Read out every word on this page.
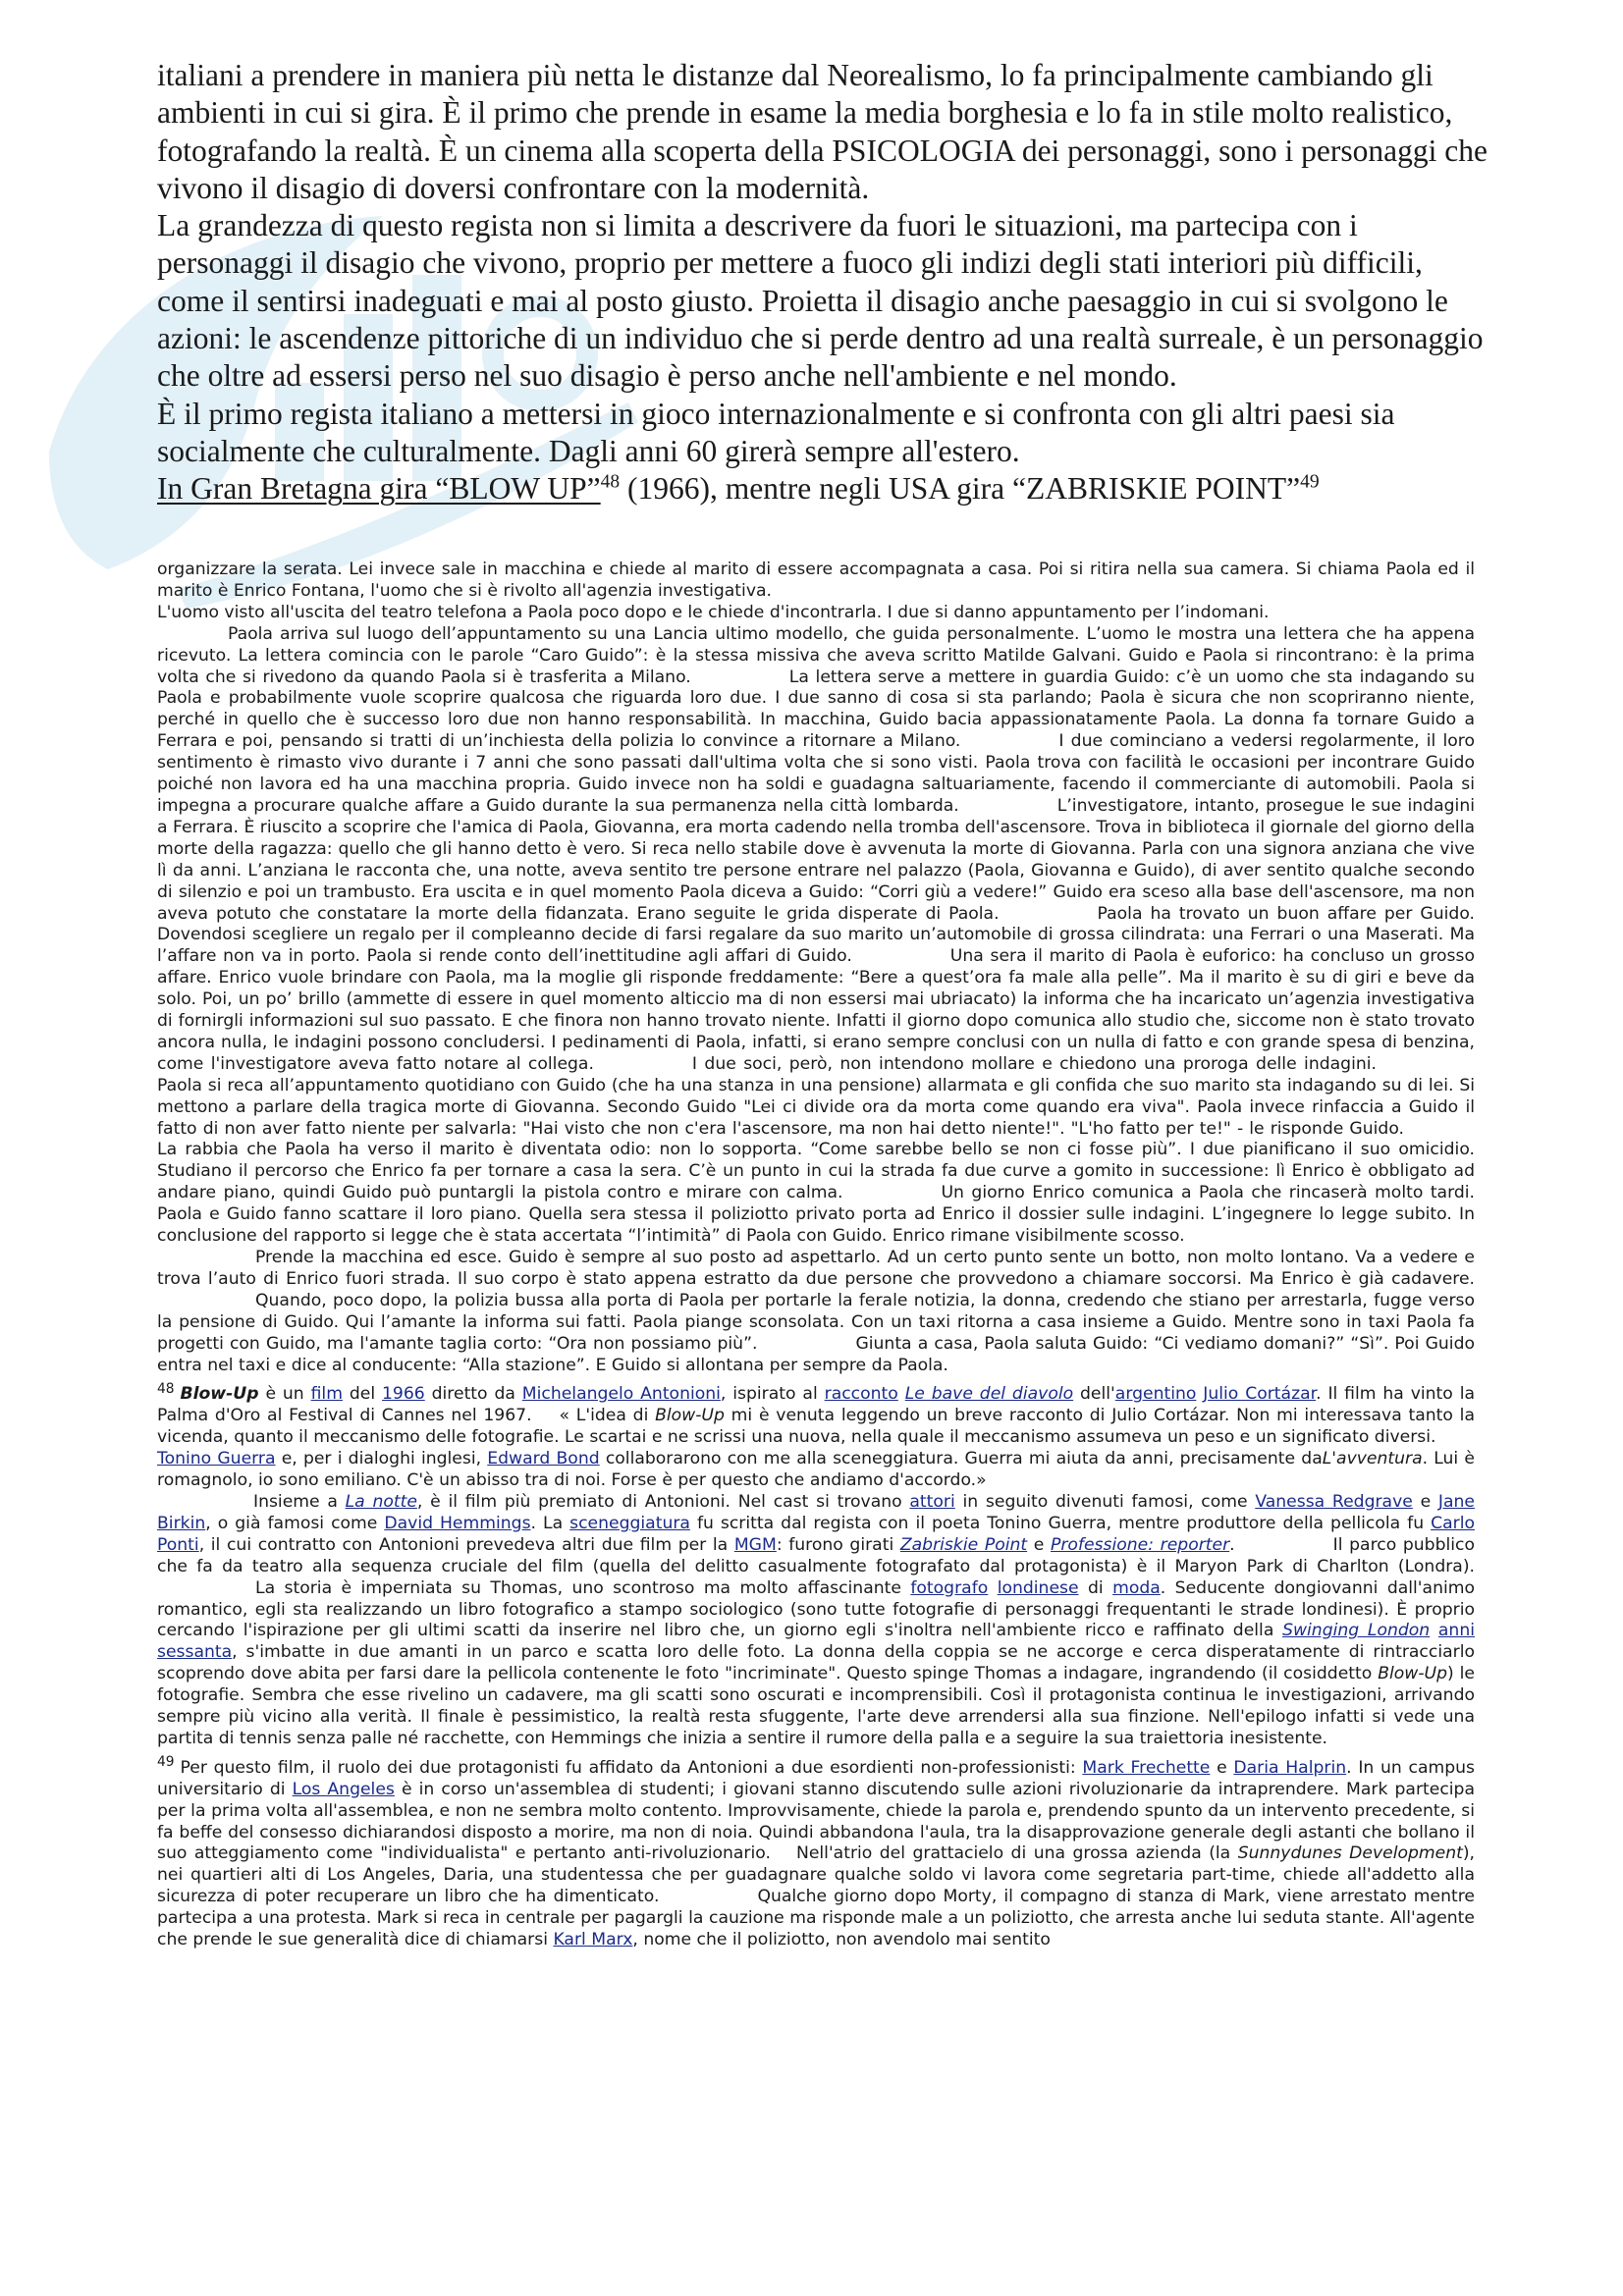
italiani a prendere in maniera più netta le distanze dal Neorealismo, lo fa principalmente cambiando gli ambienti in cui si gira. È il primo che prende in esame la media borghesia e lo fa in stile molto realistico, fotografando la realtà. È un cinema alla scoperta della PSICOLOGIA dei personaggi, sono i personaggi che vivono il disagio di doversi confrontare con la modernità.

La grandezza di questo regista non si limita a descrivere da fuori le situazioni, ma partecipa con i personaggi il disagio che vivono, proprio per mettere a fuoco gli indizi degli stati interiori più difficili, come il sentirsi inadeguati e mai al posto giusto. Proietta il disagio anche paesaggio in cui si svolgono le azioni: le ascendenze pittoriche di un individuo che si perde dentro ad una realtà surreale, è un personaggio che oltre ad essersi perso nel suo disagio è perso anche nell'ambiente e nel mondo.

È il primo regista italiano a mettersi in gioco internazionalmente e si confronta con gli altri paesi sia socialmente che culturalmente. Dagli anni 60 girerà sempre all'estero.

In Gran Bretagna gira “BLOW UP”$^{48}$ (1966), mentre negli USA gira “ZABRISKIE POINT”$^{49}$

organizzare la serata. Lei invece sale in macchina e chiede al marito di essere accompagnata a casa. Poi si ritira nella sua camera. Si chiama Paola ed il marito è Enrico Fontana, l'uomo che si è rivolto all'agenzia investigativa.

L'uomo visto all'uscita del teatro telefona a Paola poco dopo e le chiede d'incontrarla. I due si danno appuntamento per l’indomani.

Paola arriva sul luogo dell’appuntamento su una Lancia ultimo modello, che guida personalmente. L’uomo le mostra una lettera che ha appena ricevuto. La lettera comincia con le parole “Caro Guido”: è la stessa missiva che aveva scritto Matilde Galvani. Guido e Paola si rincontrano: è la prima volta che si rivedono da quando Paola si è trasferita a Milano.	La lettera serve a mettere in guardia Guido: c’è un uomo che sta indagando su Paola e probabilmente vuole scoprire qualcosa che riguarda loro due. I due sanno di cosa si sta parlando; Paola è sicura che non scopriranno niente, perché in quello che è successo loro due non hanno responsabilità. In macchina, Guido bacia appassionatamente Paola. La donna fa tornare Guido a Ferrara e poi, pensando si tratti di un’inchiesta della polizia lo convince a ritornare a Milano.	I due cominciano a vedersi regolarmente, il loro sentimento è rimasto vivo durante i 7 anni che sono passati dall'ultima volta che si sono visti. Paola trova con facilità le occasioni per incontrare Guido poiché non lavora ed ha una macchina propria. Guido invece non ha soldi e guadagna saltuariamente, facendo il commerciante di automobili. Paola si impegna a procurare qualche affare a Guido durante la sua permanenza nella città lombarda.	L’investigatore, intanto, prosegue le sue indagini a Ferrara. È riuscito a scoprire che l'amica di Paola, Giovanna, era morta cadendo nella tromba dell'ascensore. Trova in biblioteca il giornale del giorno della morte della ragazza: quello che gli hanno detto è vero. Si reca nello stabile dove è avvenuta la morte di Giovanna. Parla con una signora anziana che vive lì da anni. L’anziana le racconta che, una notte, aveva sentito tre persone entrare nel palazzo (Paola, Giovanna e Guido), di aver sentito qualche secondo di silenzio e poi un trambusto. Era uscita e in quel momento Paola diceva a Guido: “Corri giù a vedere!” Guido era sceso alla base dell'ascensore, ma non aveva potuto che constatare la morte della fidanzata. Erano seguite le grida disperate di Paola.	Paola ha trovato un buon affare per Guido. Dovendosi scegliere un regalo per il compleanno decide di farsi regalare da suo marito un’automobile di grossa cilindrata: una Ferrari o una Maserati. Ma l’affare non va in porto. Paola si rende conto dell’inettitudine agli affari di Guido.	Una sera il marito di Paola è euforico: ha concluso un grosso affare. Enrico vuole brindare con Paola, ma la moglie gli risponde freddamente: “Bere a quest’ora fa male alla pelle”. Ma il marito è su di giri e beve da solo. Poi, un po’ brillo (ammette di essere in quel momento alticcio ma di non essersi mai ubriacato) la informa che ha incaricato un’agenzia investigativa di fornirgli informazioni sul suo passato. E che finora non hanno trovato niente. Infatti il giorno dopo comunica allo studio che, siccome non è stato trovato ancora nulla, le indagini possono concludersi. I pedinamenti di Paola, infatti, si erano sempre conclusi con un nulla di fatto e con grande spesa di benzina, come l'investigatore aveva fatto notare al collega.	I due soci, però, non intendono mollare e chiedono una proroga delle indagini.Paola si reca all’appuntamento quotidiano con Guido (che ha una stanza in una pensione) allarmata e gli confida che suo marito sta indagando su di lei. Si mettono a parlare della tragica morte di Giovanna. Secondo Guido "Lei ci divide ora da morta come quando era viva". Paola invece rinfaccia a Guido il fatto di non aver fatto niente per salvarla: "Hai visto che non c'era l'ascensore, ma non hai detto niente!". "L'ho fatto per te!" - le risponde Guido.La rabbia che Paola ha verso il marito è diventata odio: non lo sopporta. “Come sarebbe bello se non ci fosse più”. I due pianificano il suo omicidio. Studiano il percorso che Enrico fa per tornare a casa la sera. C’è un punto in cui la strada fa due curve a gomito in successione: lì Enrico è obbligato ad andare piano, quindi Guido può puntargli la pistola contro e mirare con calma.	Un giorno Enrico comunica a Paola che rincaserà molto tardi. Paola e Guido fanno scattare il loro piano. Quella sera stessa il poliziotto privato porta ad Enrico il dossier sulle indagini. L’ingegnere lo legge subito. In conclusione del rapporto si legge che è stata accertata “l’intimità” di Paola con Guido. Enrico rimane visibilmente scosso.

Prende la macchina ed esce. Guido è sempre al suo posto ad aspettarlo. Ad un certo punto sente un botto, non molto lontano. Va a vedere e trova l’auto di Enrico fuori strada. Il suo corpo è stato appena estratto da due persone che provvedono a chiamare soccorsi. Ma Enrico è già cadavere.Quando, poco dopo, la polizia bussa alla porta di Paola per portarle la ferale notizia, la donna, credendo che stiano per arrestarla, fugge verso la pensione di Guido. Qui l’amante la informa sui fatti. Paola piange sconsolata. Con un taxi ritorna a casa insieme a Guido. Mentre sono in taxi Paola fa progetti con Guido, ma l'amante taglia corto: “Ora non possiamo più”.	Giunta a casa, Paola saluta Guido: “Ci vediamo domani?” “Sì”. Poi Guido entra nel taxi e dice al conducente: “Alla stazione”. E Guido si allontana per sempre da Paola.

$^{48}$ Blow-Up è un film del 1966 diretto da Michelangelo Antonioni, ispirato al racconto Le bave del diavolo dell'argentino Julio Cortázar. Il film ha vinto la Palma d'Oro al Festival di Cannes nel 1967. « L'idea di Blow-Up mi è venuta leggendo un breve racconto di Julio Cortázar. Non mi interessava tanto la vicenda, quanto il meccanismo delle fotografie. Le scartai e ne scrissi una nuova, nella quale il meccanismo assumeva un peso e un significato diversi.

Tonino Guerra e, per i dialoghi inglesi, Edward Bond collaborarono con me alla sceneggiatura. Guerra mi aiuta da anni, precisamente daL'avventura. Lui è romagnolo, io sono emiliano. C'è un abisso tra di noi. Forse è per questo che andiamo d'accordo.»

Insieme a La notte, è il film più premiato di Antonioni. Nel cast si trovano attori in seguito divenuti famosi, come Vanessa Redgrave e Jane Birkin, o già famosi come David Hemmings. La sceneggiatura fu scritta dal regista con il poeta Tonino Guerra, mentre produttore della pellicola fu Carlo Ponti, il cui contratto con Antonioni prevedeva altri due film per la MGM: furono girati Zabriskie Point e Professione: reporter.	Il parco pubblico che fa da teatro alla sequenza cruciale del film (quella del delitto casualmente fotografato dal protagonista) è il Maryon Park di Charlton (Londra).La storia è imperniata su Thomas, uno scontroso ma molto affascinante fotografo londinese di moda. Seducente dongiovanni dall'animo romantico, egli sta realizzando un libro fotografico a stampo sociologico (sono tutte fotografie di personaggi frequentanti le strade londinesi). È proprio cercando l'ispirazione per gli ultimi scatti da inserire nel libro che, un giorno egli s'inoltra nell'ambiente ricco e raffinato della Swinging London anni sessanta, s'imbatte in due amanti in un parco e scatta loro delle foto. La donna della coppia se ne accorge e cerca disperatamente di rintracciarlo scoprendo dove abita per farsi dare la pellicola contenente le foto "incriminate". Questo spinge Thomas a indagare, ingrandendo (il cosiddetto Blow-Up) le fotografie. Sembra che esse rivelino un cadavere, ma gli scatti sono oscurati e incomprensibili. Così il protagonista continua le investigazioni, arrivando sempre più vicino alla verità. Il finale è pessimistico, la realtà resta sfuggente, l'arte deve arrendersi alla sua finzione. Nell'epilogo infatti si vede una partita di tennis senza palle né racchette, con Hemmings che inizia a sentire il rumore della palla e a seguire la sua traiettoria inesistente.

$^{49}$ Per questo film, il ruolo dei due protagonisti fu affidato da Antonioni a due esordienti non-professionisti: Mark Frechette e Daria Halprin. In un campus universitario di Los Angeles è in corso un'assemblea di studenti; i giovani stanno discutendo sulle azioni rivoluzionarie da intraprendere. Mark partecipa per la prima volta all'assemblea, e non ne sembra molto contento. Improvvisamente, chiede la parola e, prendendo spunto da un intervento precedente, si fa beffe del consesso dichiarandosi disposto a morire, ma non di noia. Quindi abbandona l'aula, tra la disapprovazione generale degli astanti che bollano il suo atteggiamento come "individualista" e pertanto anti-rivoluzionario. Nell'atrio del grattacielo di una grossa azienda (la Sunnydunes Development), nei quartieri alti di Los Angeles, Daria, una studentessa che per guadagnare qualche soldo vi lavora come segretaria part-time, chiede all'addetto alla sicurezza di poter recuperare un libro che ha dimenticato.	Qualche giorno dopo Morty, il compagno di stanza di Mark, viene arrestato mentre partecipa a una protesta. Mark si reca in centrale per pagargli la cauzione ma risponde male a un poliziotto, che arresta anche lui seduta stante. All'agente che prende le sue generalità dice di chiamarsi Karl Marx, nome che il poliziotto, non avendolo mai sentito
